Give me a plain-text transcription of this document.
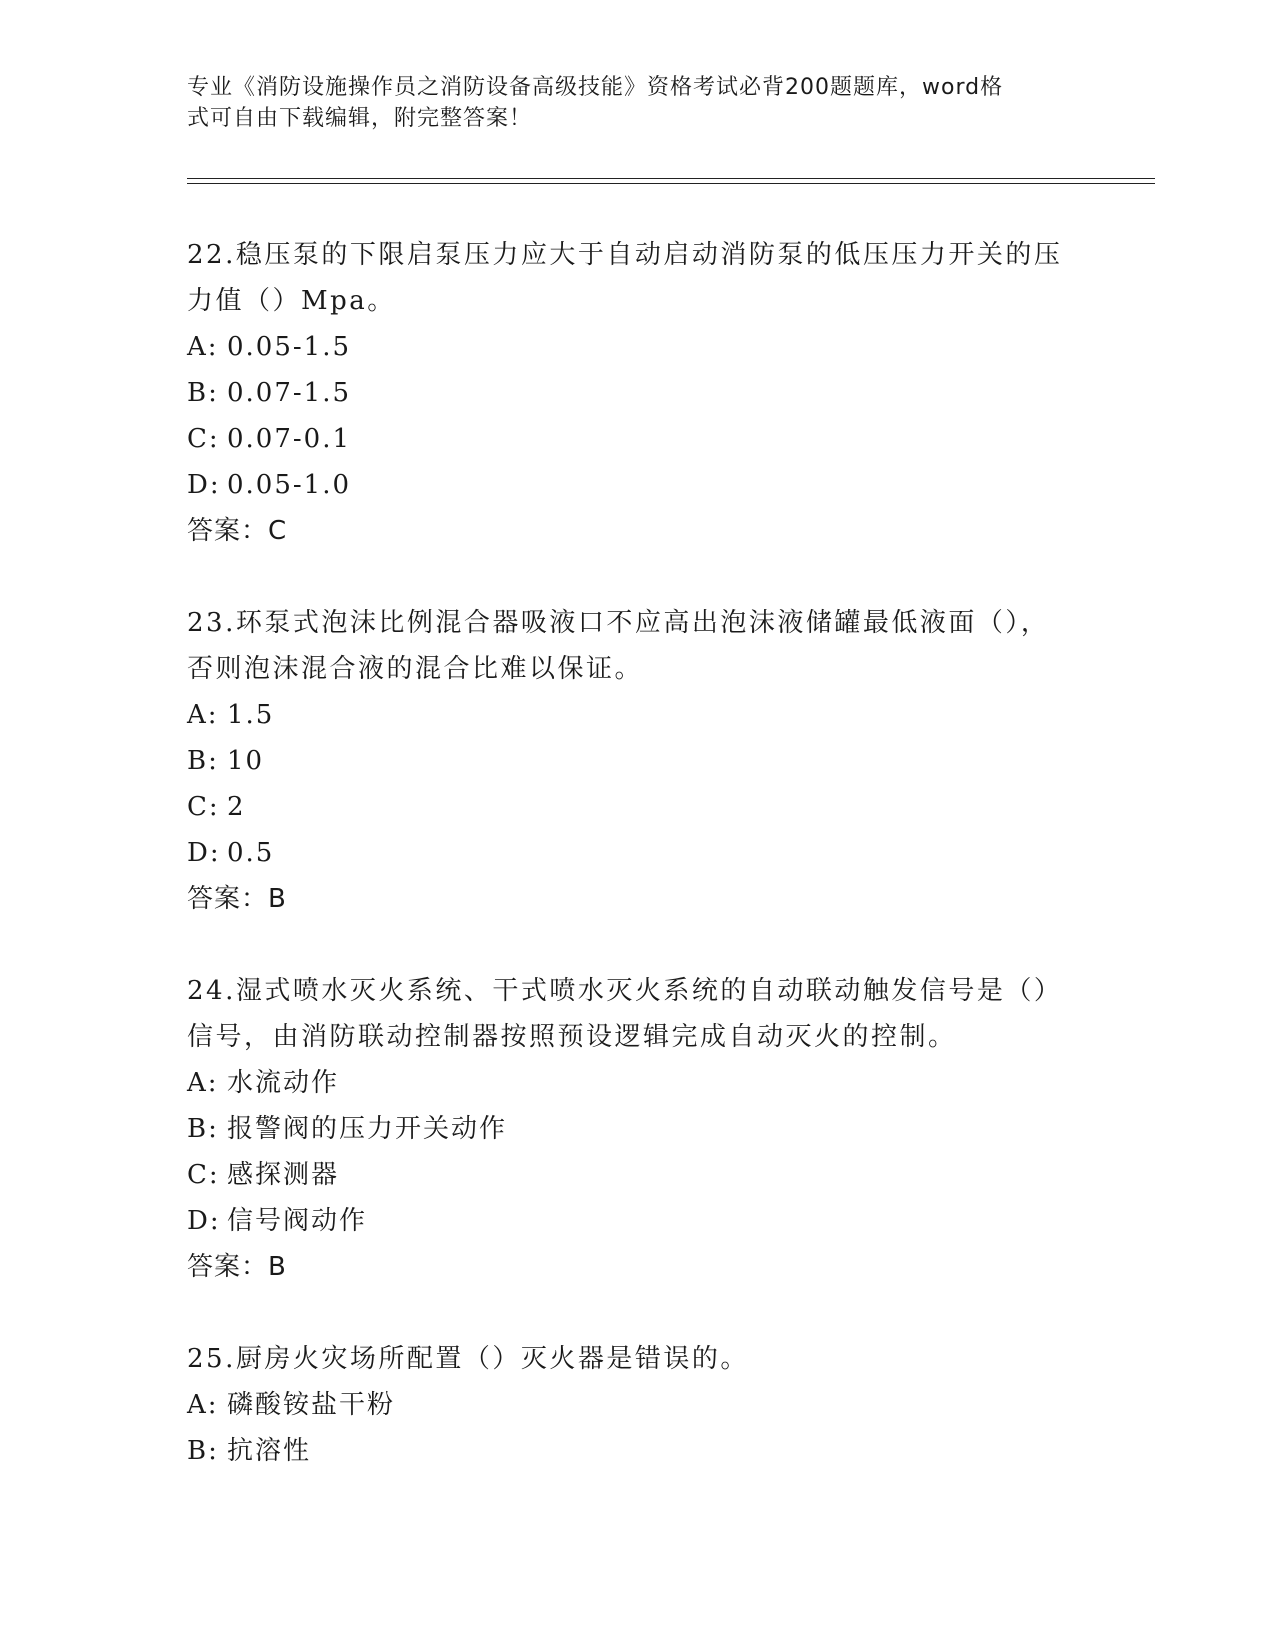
专业《消防设施操作员之消防设备高级技能》资格考试必背200题题库，word格
式可自由下载编辑，附完整答案！

22.稳压泵的下限启泵压力应大于自动启动消防泵的低压压力开关的压

力值（）Mpa。

A: 0.05-1.5

B: 0.07-1.5

C: 0.07-0.1

D: 0.05-1.0

答案：C

23.环泵式泡沫比例混合器吸液口不应高出泡沫液储罐最低液面（），

否则泡沫混合液的混合比难以保证。

A: 1.5

B: 10

C: 2

D: 0.5

答案：B

24.湿式喷水灭火系统、干式喷水灭火系统的自动联动触发信号是（）

信号，由消防联动控制器按照预设逻辑完成自动灭火的控制。

A: 水流动作

B: 报警阀的压力开关动作

C: 感探测器

D: 信号阀动作

答案：B

25.厨房火灾场所配置（）灭火器是错误的。

A: 磷酸铵盐干粉

B: 抗溶性
